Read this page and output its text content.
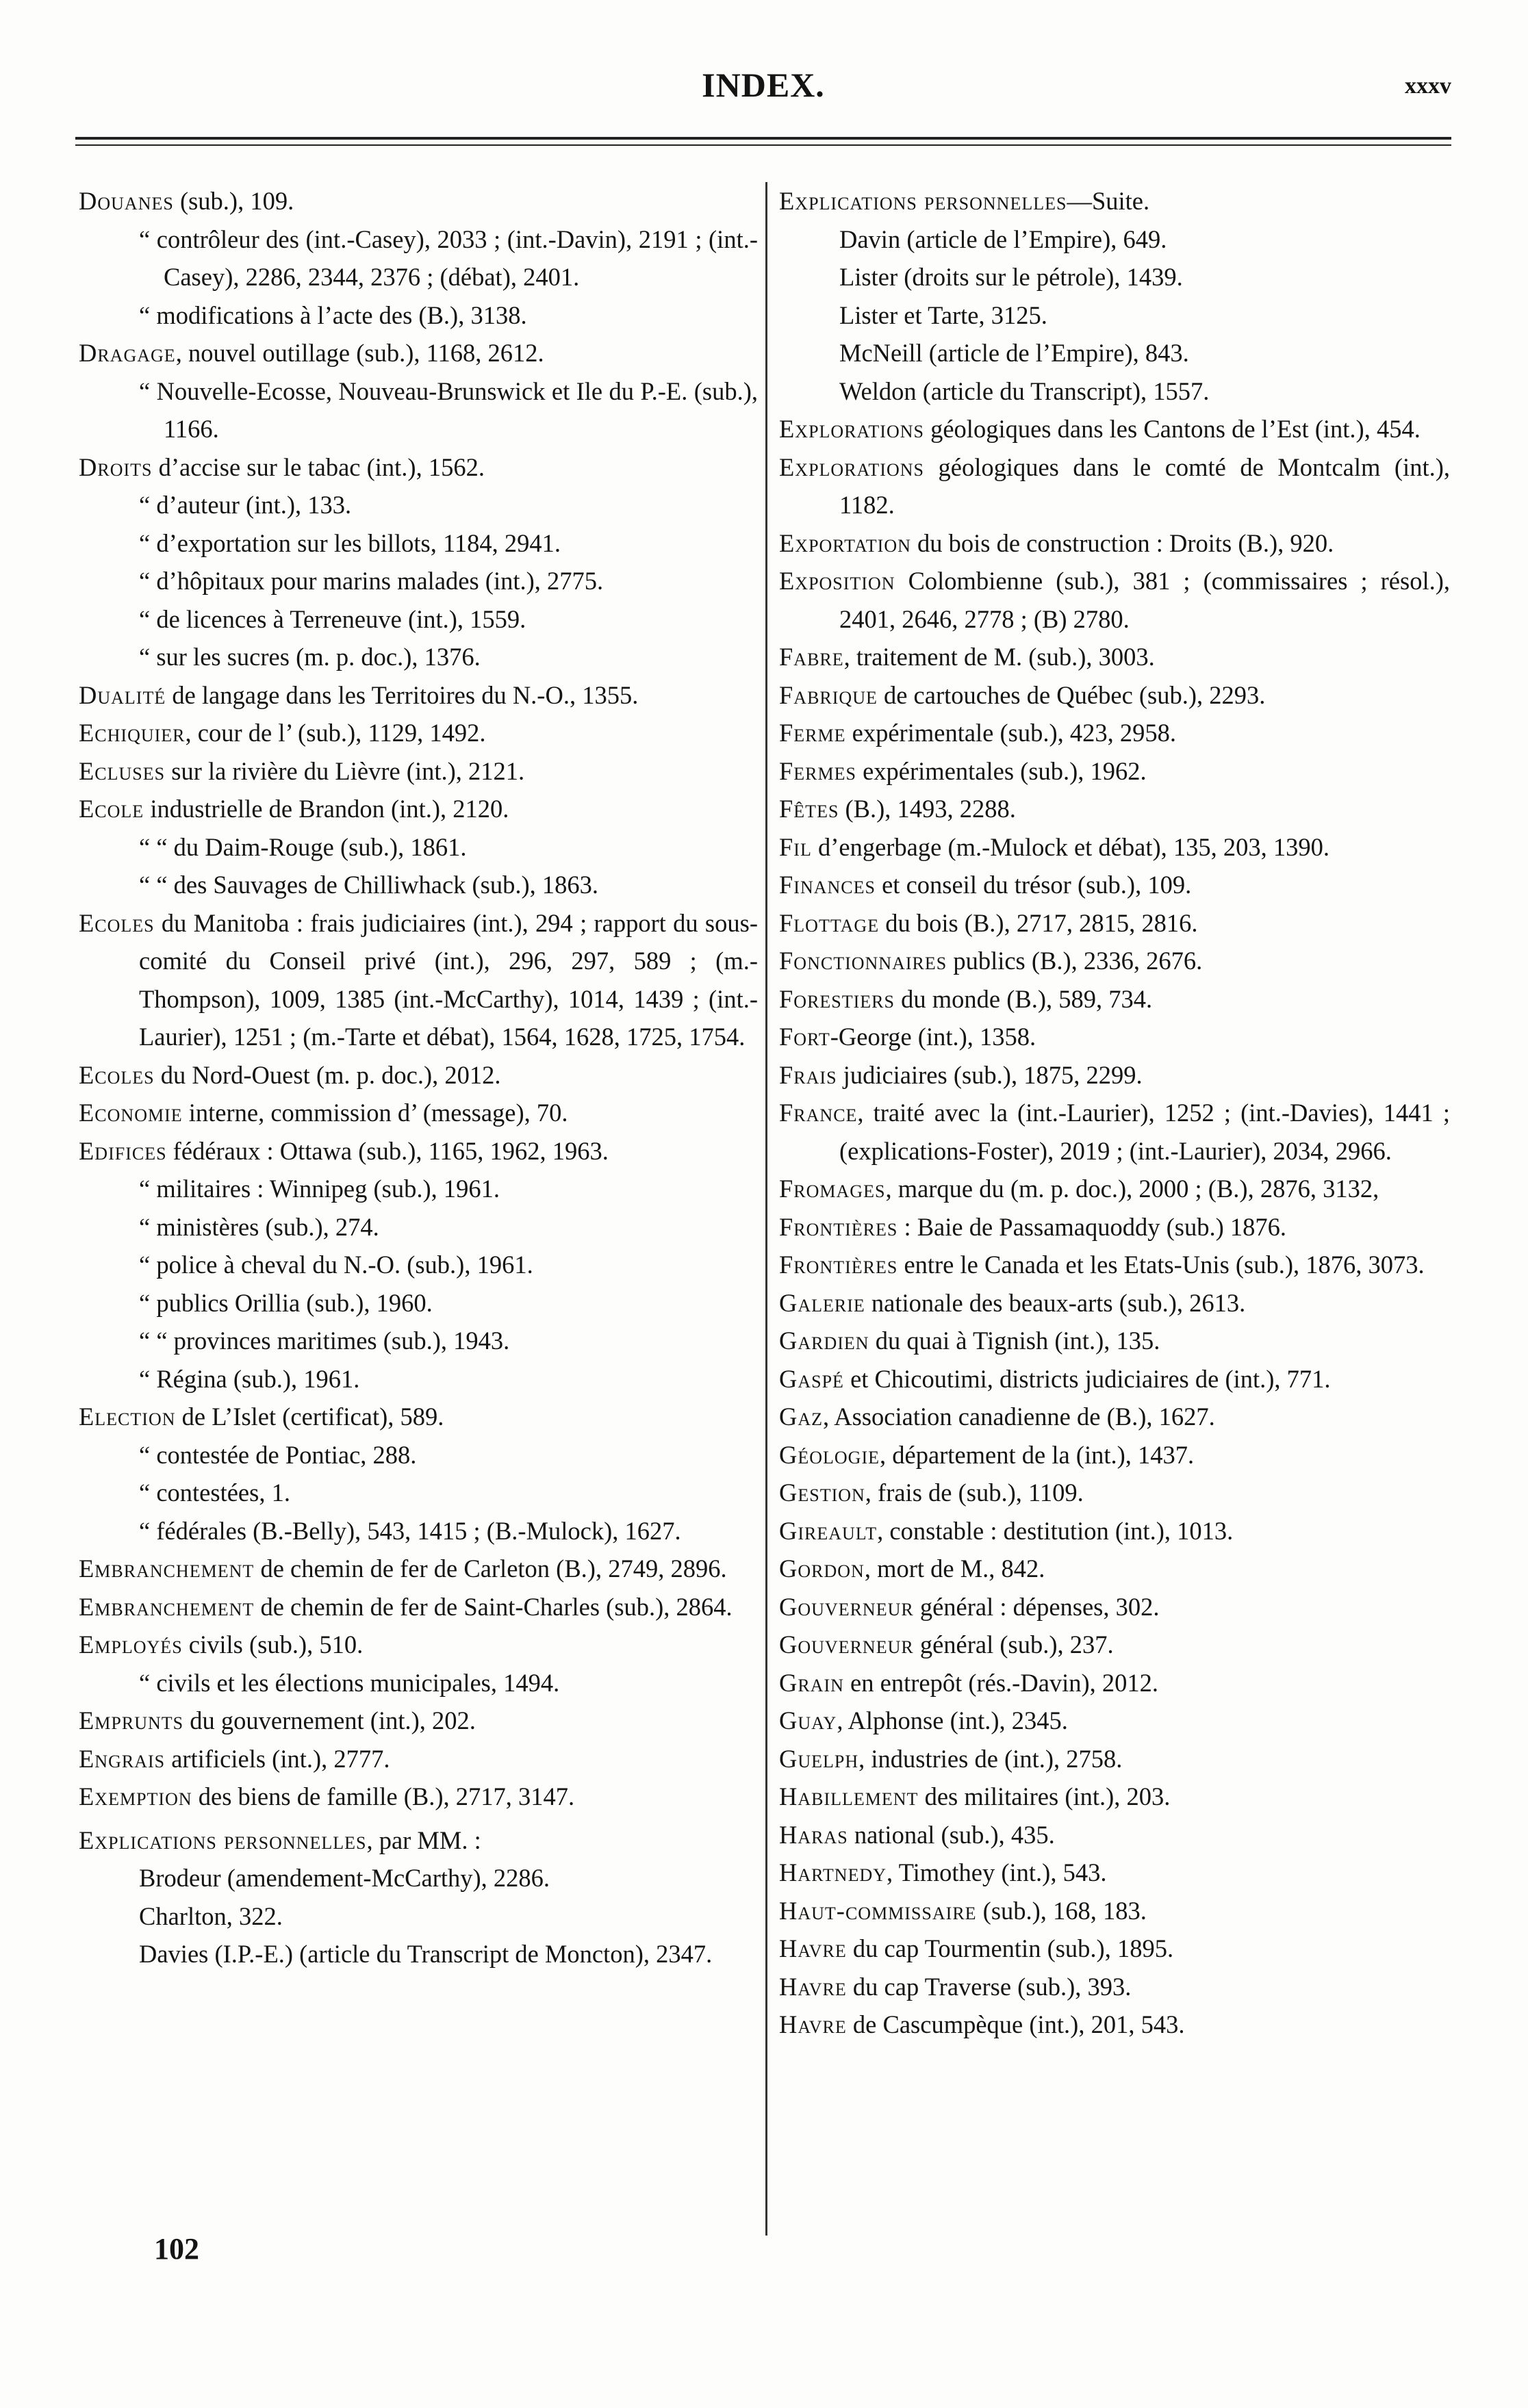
INDEX.	xxxv
Douanes (sub.), 109.
“ contrôleur des (int.-Casey), 2033 ; (int.-Davin), 2191 ; (int.-Casey), 2286, 2344, 2376 ; (débat), 2401.
“ modifications à l’acte des (B.), 3138.
Dragage, nouvel outillage (sub.), 1168, 2612.
“ Nouvelle-Ecosse, Nouveau-Brunswick et Ile du P.-E. (sub.), 1166.
Droits d’accise sur le tabac (int.), 1562.
“ d’auteur (int.), 133.
“ d’exportation sur les billots, 1184, 2941.
“ d’hôpitaux pour marins malades (int.), 2775.
“ de licences à Terreneuve (int.), 1559.
“ sur les sucres (m. p. doc.), 1376.
Dualité de langage dans les Territoires du N.-O., 1355.
Echiquier, cour de l’ (sub.), 1129, 1492.
Ecluses sur la rivière du Lièvre (int.), 2121.
Ecole industrielle de Brandon (int.), 2120.
“ “ du Daim-Rouge (sub.), 1861.
“ “ des Sauvages de Chilliwhack (sub.), 1863.
Ecoles du Manitoba : frais judiciaires (int.), 294 ; rapport du sous-comité du Conseil privé (int.), 296, 297, 589 ; (m.-Thompson), 1009, 1385 (int.-McCarthy), 1014, 1439 ; (int.-Laurier), 1251 ; (m.-Tarte et débat), 1564, 1628, 1725, 1754.
Ecoles du Nord-Ouest (m. p. doc.), 2012.
Economie interne, commission d’ (message), 70.
Edifices fédéraux : Ottawa (sub.), 1165, 1962, 1963.
“ militaires : Winnipeg (sub.), 1961.
“ ministères (sub.), 274.
“ police à cheval du N.-O. (sub.), 1961.
“ publics Orillia (sub.), 1960.
“ “ provinces maritimes (sub.), 1943.
“ Régina (sub.), 1961.
Election de L’Islet (certificat), 589.
“ contestée de Pontiac, 288.
“ contestées, 1.
“ fédérales (B.-Belly), 543, 1415 ; (B.-Mulock), 1627.
Embranchement de chemin de fer de Carleton (B.), 2749, 2896.
Embranchement de chemin de fer de Saint-Charles (sub.), 2864.
Employés civils (sub.), 510.
“ civils et les élections municipales, 1494.
Emprunts du gouvernement (int.), 202.
Engrais artificiels (int.), 2777.
Exemption des biens de famille (B.), 2717, 3147.
Explications personnelles, par MM. :
Brodeur (amendement-McCarthy), 2286.
Charlton, 322.
Davies (I.P.-E.) (article du Transcript de Moncton), 2347.
Explications personnelles—Suite.
Davin (article de l’Empire), 649.
Lister (droits sur le pétrole), 1439.
Lister et Tarte, 3125.
McNeill (article de l’Empire), 843.
Weldon (article du Transcript), 1557.
Explorations géologiques dans les Cantons de l’Est (int.), 454.
Explorations géologiques dans le comté de Montcalm (int.), 1182.
Exportation du bois de construction : Droits (B.), 920.
Exposition Colombienne (sub.), 381 ; (commissaires ; résol.), 2401, 2646, 2778 ; (B) 2780.
Fabre, traitement de M. (sub.), 3003.
Fabrique de cartouches de Québec (sub.), 2293.
Ferme expérimentale (sub.), 423, 2958.
Fermes expérimentales (sub.), 1962.
Fêtes (B.), 1493, 2288.
Fil d’engerbage (m.-Mulock et débat), 135, 203, 1390.
Finances et conseil du trésor (sub.), 109.
Flottage du bois (B.), 2717, 2815, 2816.
Fonctionnaires publics (B.), 2336, 2676.
Forestiers du monde (B.), 589, 734.
Fort-George (int.), 1358.
Frais judiciaires (sub.), 1875, 2299.
France, traité avec la (int.-Laurier), 1252 ; (int.-Davies), 1441 ; (explications-Foster), 2019 ; (int.-Laurier), 2034, 2966.
Fromages, marque du (m. p. doc.), 2000 ; (B.), 2876, 3132,
Frontières : Baie de Passamaquoddy (sub.) 1876.
Frontières entre le Canada et les Etats-Unis (sub.), 1876, 3073.
Galerie nationale des beaux-arts (sub.), 2613.
Gardien du quai à Tignish (int.), 135.
Gaspé et Chicoutimi, districts judiciaires de (int.), 771.
Gaz, Association canadienne de (B.), 1627.
Géologie, département de la (int.), 1437.
Gestion, frais de (sub.), 1109.
Gireault, constable : destitution (int.), 1013.
Gordon, mort de M., 842.
Gouverneur général : dépenses, 302.
Gouverneur général (sub.), 237.
Grain en entrepôt (rés.-Davin), 2012.
Guay, Alphonse (int.), 2345.
Guelph, industries de (int.), 2758.
Habillement des militaires (int.), 203.
Haras national (sub.), 435.
Hartnedy, Timothey (int.), 543.
Haut-commissaire (sub.), 168, 183.
Havre du cap Tourmentin (sub.), 1895.
Havre du cap Traverse (sub.), 393.
Havre de Cascumpèque (int.), 201, 543.
102
